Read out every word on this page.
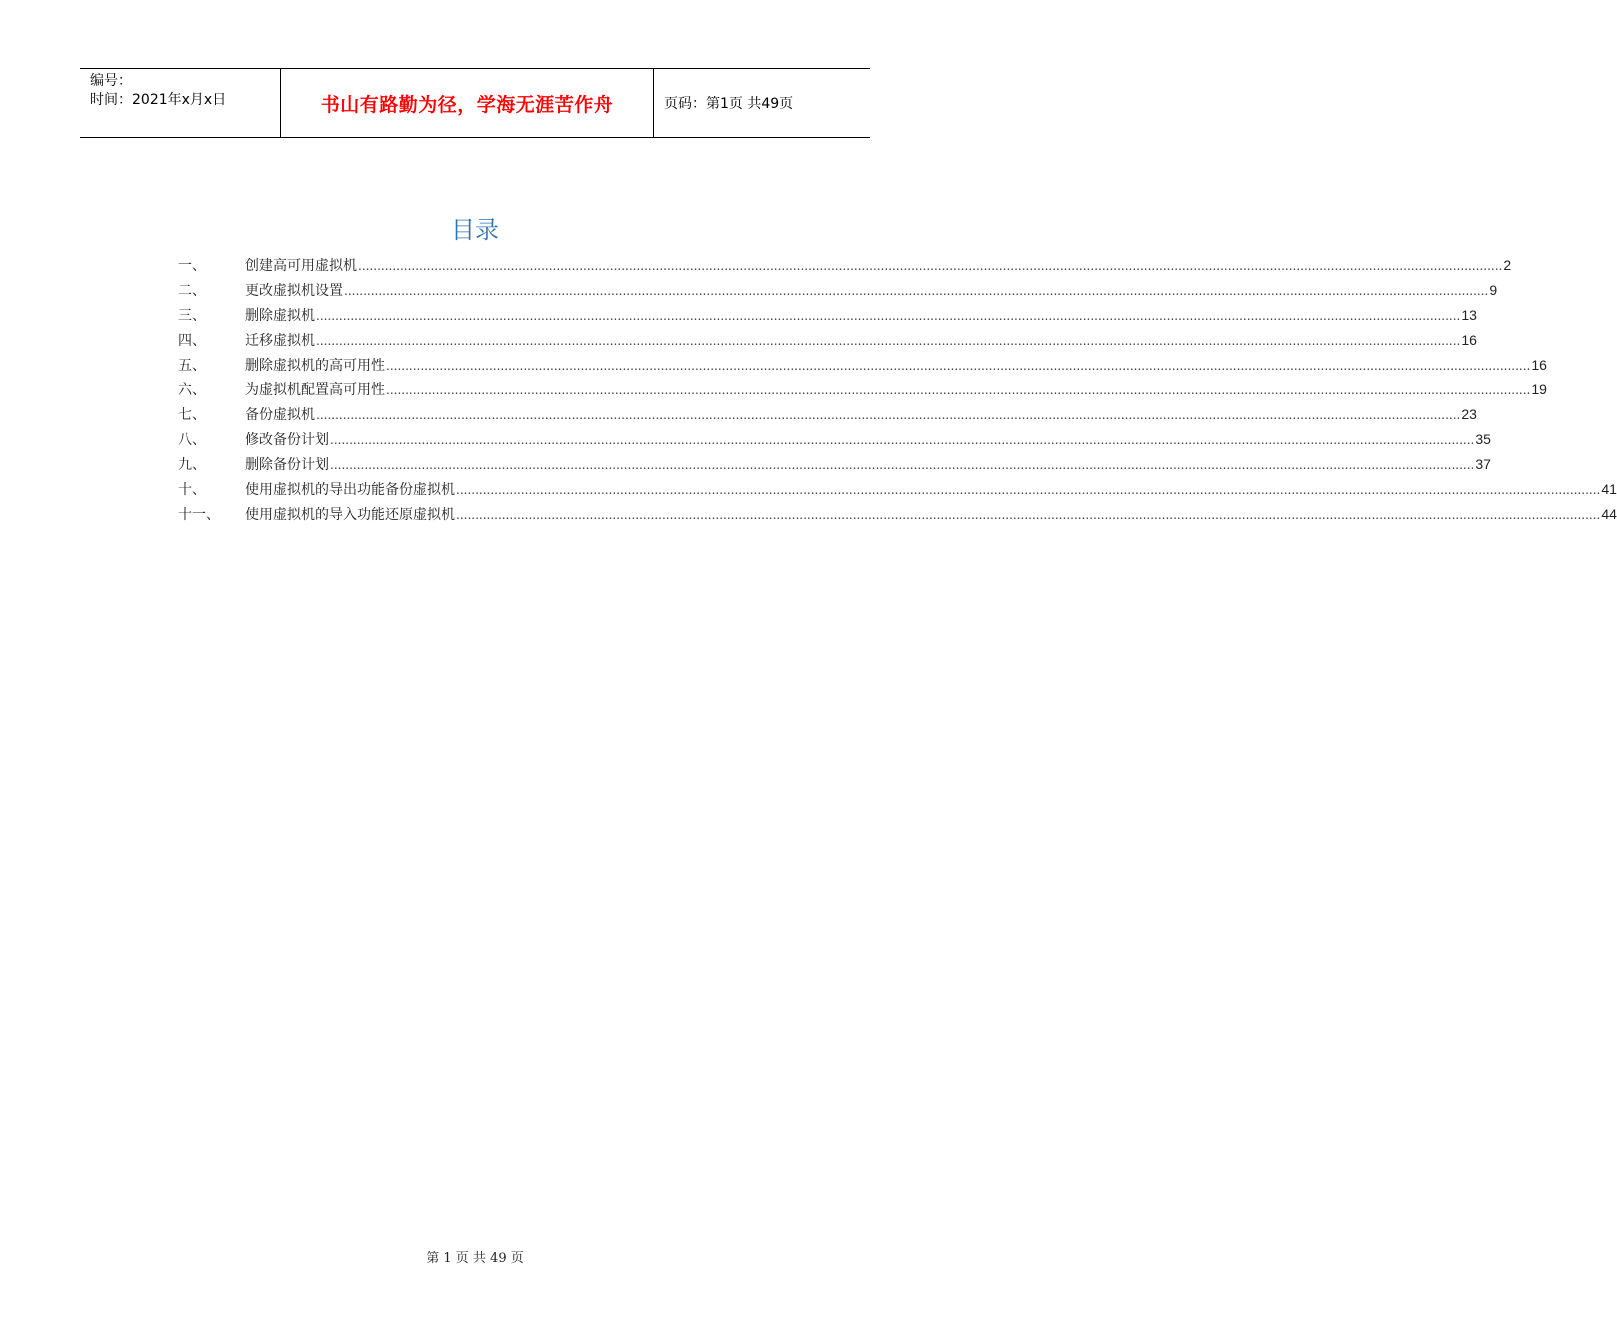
编号：
时间：2021年x月x日	书山有路勤为径，学海无涯苦作舟	页码：第1页 共49页
目录
一、	创建高可用虚拟机 ............................................................................................................................................................................................................................................................................................................ 2
二、	更改虚拟机设置 ............................................................................................................................................................................................................................................................................................................ 9
三、	删除虚拟机 ............................................................................................................................................................................................................................................................................................................ 13
四、	迁移虚拟机 ............................................................................................................................................................................................................................................................................................................ 16
五、	删除虚拟机的高可用性 ............................................................................................................................................................................................................................................................................................................ 16
六、	为虚拟机配置高可用性 ............................................................................................................................................................................................................................................................................................................ 19
七、	备份虚拟机 ............................................................................................................................................................................................................................................................................................................ 23
八、	修改备份计划 ............................................................................................................................................................................................................................................................................................................ 35
九、	删除备份计划 ............................................................................................................................................................................................................................................................................................................ 37
十、	使用虚拟机的导出功能备份虚拟机 ............................................................................................................................................................................................................................................................................................................ 41
十一、	使用虚拟机的导入功能还原虚拟机 ............................................................................................................................................................................................................................................................................................................ 44
第 1 页 共 49 页
